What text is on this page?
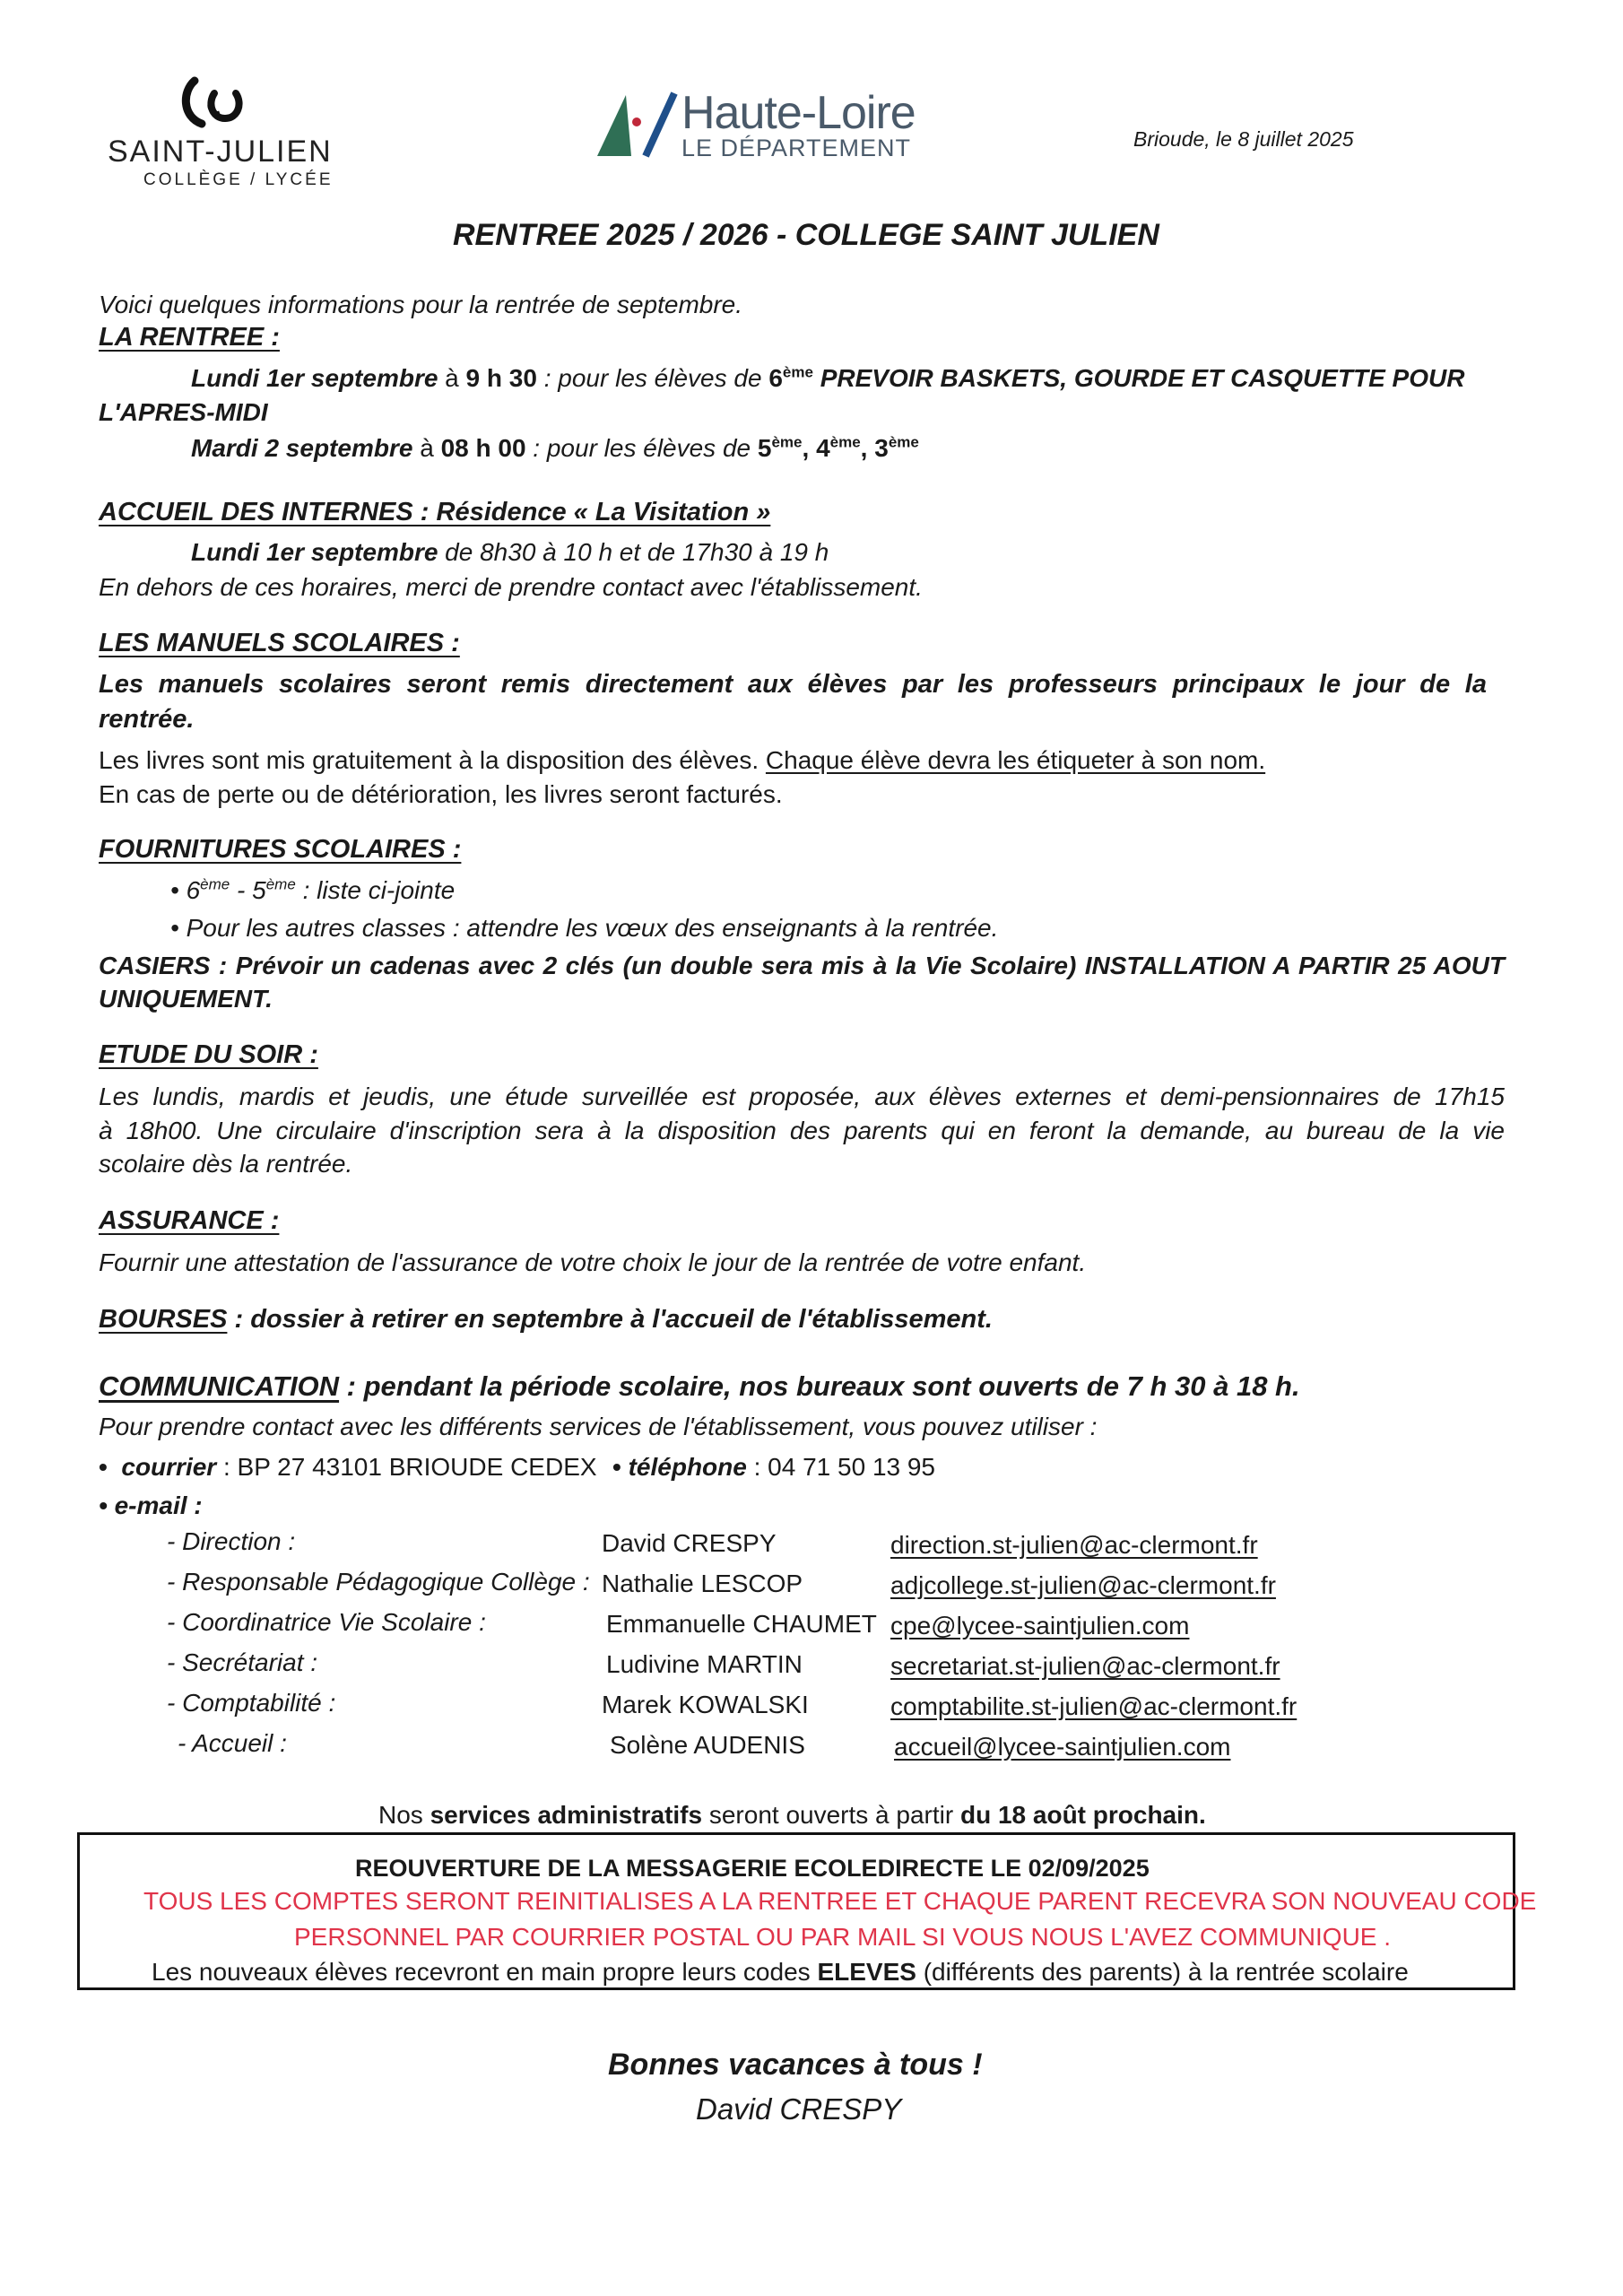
SAINT-JULIEN
COLLÈGE / LYCÉE
Haute-Loire
LE DÉPARTEMENT	Brioude, le 8 juillet 2025
RENTREE 2025 / 2026 - COLLEGE SAINT JULIEN
Voici quelques informations pour la rentrée de septembre.
LA RENTREE :
Lundi 1er septembre à 9 h 30 : pour les élèves de 6ème PREVOIR BASKETS, GOURDE ET CASQUETTE POUR
L'APRES-MIDI
Mardi 2 septembre à 08 h 00 : pour les élèves de 5ème, 4ème, 3ème
ACCUEIL DES INTERNES : Résidence « La Visitation »
Lundi 1er septembre de 8h30 à 10 h et de 17h30 à 19 h
En dehors de ces horaires, merci de prendre contact avec l'établissement.
LES MANUELS SCOLAIRES :
Les manuels scolaires seront remis directement aux élèves par les professeurs principaux le jour de la
rentrée.
Les livres sont mis gratuitement à la disposition des élèves. Chaque élève devra les étiqueter à son nom.
En cas de perte ou de détérioration, les livres seront facturés.
FOURNITURES SCOLAIRES :
• 6ème - 5ème : liste ci-jointe
• Pour les autres classes : attendre les vœux des enseignants à la rentrée.
CASIERS : Prévoir un cadenas avec 2 clés (un double sera mis à la Vie Scolaire) INSTALLATION A PARTIR 25 AOUT
UNIQUEMENT.
ETUDE DU SOIR :
Les lundis, mardis et jeudis, une étude surveillée est proposée, aux élèves externes et demi-pensionnaires de 17h15
à 18h00. Une circulaire d'inscription sera à la disposition des parents qui en feront la demande, au bureau de la vie
scolaire dès la rentrée.
ASSURANCE :
Fournir une attestation de l'assurance de votre choix le jour de la rentrée de votre enfant.
BOURSES : dossier à retirer en septembre à l'accueil de l'établissement.
COMMUNICATION : pendant la période scolaire, nos bureaux sont ouverts de 7 h 30 à 18 h.
Pour prendre contact avec les différents services de l'établissement, vous pouvez utiliser :
•  courrier : BP 27 43101 BRIOUDE CEDEX • téléphone : 04 71 50 13 95
• e-mail :
- Direction :	David CRESPY	direction.st-julien@ac-clermont.fr
- Responsable Pédagogique Collège : Nathalie LESCOP	adjcollege.st-julien@ac-clermont.fr
- Coordinatrice Vie Scolaire :	Emmanuelle CHAUMET cpe@lycee-saintjulien.com
- Secrétariat :	Ludivine MARTIN	secretariat.st-julien@ac-clermont.fr
- Comptabilité :	Marek KOWALSKI	comptabilite.st-julien@ac-clermont.fr
- Accueil :	Solène AUDENIS	accueil@lycee-saintjulien.com
Nos services administratifs seront ouverts à partir du 18 août prochain.
REOUVERTURE DE LA MESSAGERIE ECOLEDIRECTE LE 02/09/2025
TOUS LES COMPTES SERONT REINITIALISES A LA RENTREE ET CHAQUE PARENT RECEVRA SON NOUVEAU CODE
PERSONNEL PAR COURRIER POSTAL OU PAR MAIL SI VOUS NOUS L'AVEZ COMMUNIQUE .
Les nouveaux élèves recevront en main propre leurs codes ELEVES (différents des parents) à la rentrée scolaire
Bonnes vacances à tous !
David CRESPY
